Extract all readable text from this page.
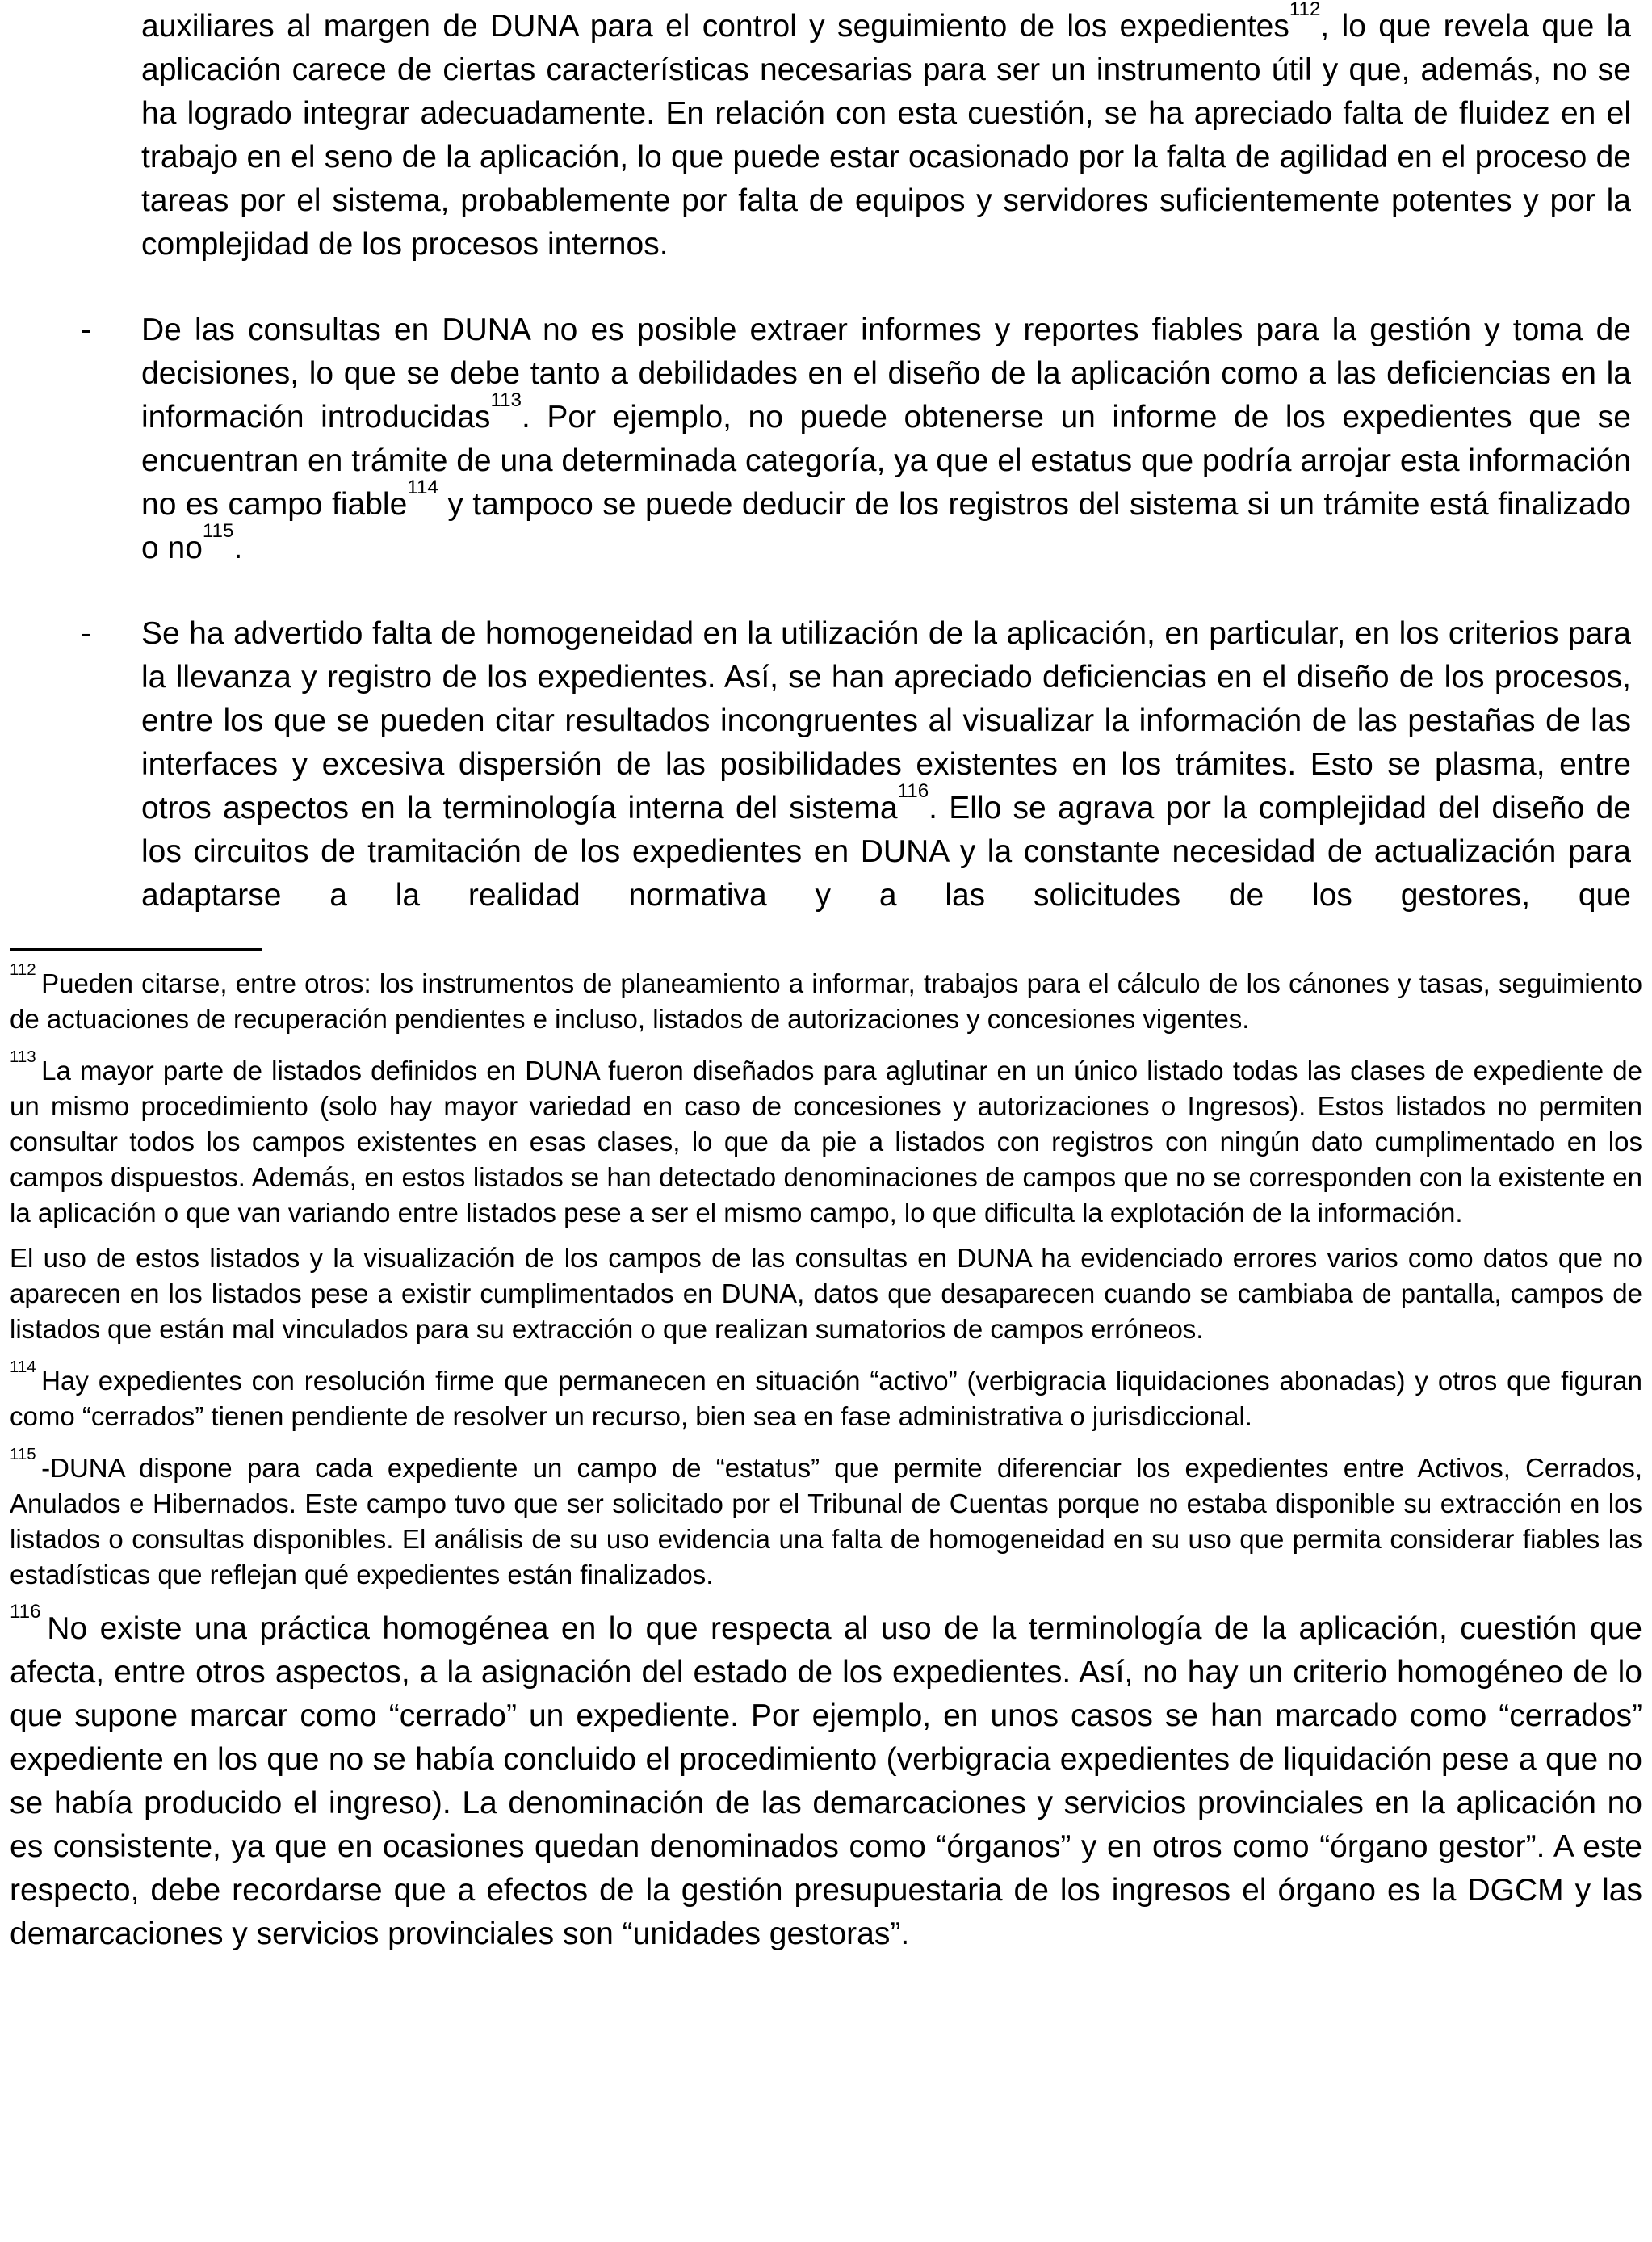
auxiliares al margen de DUNA para el control y seguimiento de los expedientes$^{112}$, lo que revela que la aplicación carece de ciertas características necesarias para ser un instrumento útil y que, además, no se ha logrado integrar adecuadamente. En relación con esta cuestión, se ha apreciado falta de fluidez en el trabajo en el seno de la aplicación, lo que puede estar ocasionado por la falta de agilidad en el proceso de tareas por el sistema, probablemente por falta de equipos y servidores suficientemente potentes y por la complejidad de los procesos internos.

-	De las consultas en DUNA no es posible extraer informes y reportes fiables para la gestión y toma de decisiones, lo que se debe tanto a debilidades en el diseño de la aplicación como a las deficiencias en la información introducidas$^{113}$. Por ejemplo, no puede obtenerse un informe de los expedientes que se encuentran en trámite de una determinada categoría, ya que el estatus que podría arrojar esta información no es campo fiable$^{114}$ y tampoco se puede deducir de los registros del sistema si un trámite está finalizado o no$^{115}$.

-	Se ha advertido falta de homogeneidad en la utilización de la aplicación, en particular, en los criterios para la llevanza y registro de los expedientes. Así, se han apreciado deficiencias en el diseño de los procesos, entre los que se pueden citar resultados incongruentes al visualizar la información de las pestañas de las interfaces y excesiva dispersión de las posibilidades existentes en los trámites. Esto se plasma, entre otros aspectos en la terminología interna del sistema$^{116}$. Ello se agrava por la complejidad del diseño de los circuitos de tramitación de los expedientes en DUNA y la constante necesidad de actualización para adaptarse a la realidad normativa y a las solicitudes de los gestores, que

$^{112}$ Pueden citarse, entre otros: los instrumentos de planeamiento a informar, trabajos para el cálculo de los cánones y tasas, seguimiento de actuaciones de recuperación pendientes e incluso, listados de autorizaciones y concesiones vigentes.

$^{113}$ La mayor parte de listados definidos en DUNA fueron diseñados para aglutinar en un único listado todas las clases de expediente de un mismo procedimiento (solo hay mayor variedad en caso de concesiones y autorizaciones o Ingresos). Estos listados no permiten consultar todos los campos existentes en esas clases, lo que da pie a listados con registros con ningún dato cumplimentado en los campos dispuestos. Además, en estos listados se han detectado denominaciones de campos que no se corresponden con la existente en la aplicación o que van variando entre listados pese a ser el mismo campo, lo que dificulta la explotación de la información.

El uso de estos listados y la visualización de los campos de las consultas en DUNA ha evidenciado errores varios como datos que no aparecen en los listados pese a existir cumplimentados en DUNA, datos que desaparecen cuando se cambiaba de pantalla, campos de listados que están mal vinculados para su extracción o que realizan sumatorios de campos erróneos.

$^{114}$ Hay expedientes con resolución firme que permanecen en situación “activo” (verbigracia liquidaciones abonadas) y otros que figuran como “cerrados” tienen pendiente de resolver un recurso, bien sea en fase administrativa o jurisdiccional.

$^{115}$ -DUNA dispone para cada expediente un campo de “estatus” que permite diferenciar los expedientes entre Activos, Cerrados, Anulados e Hibernados. Este campo tuvo que ser solicitado por el Tribunal de Cuentas porque no estaba disponible su extracción en los listados o consultas disponibles. El análisis de su uso evidencia una falta de homogeneidad en su uso que permita considerar fiables las estadísticas que reflejan qué expedientes están finalizados.

$^{116}$ No existe una práctica homogénea en lo que respecta al uso de la terminología de la aplicación, cuestión que afecta, entre otros aspectos, a la asignación del estado de los expedientes. Así, no hay un criterio homogéneo de lo que supone marcar como “cerrado” un expediente. Por ejemplo, en unos casos se han marcado como “cerrados” expediente en los que no se había concluido el procedimiento (verbigracia expedientes de liquidación pese a que no se había producido el ingreso). La denominación de las demarcaciones y servicios provinciales en la aplicación no es consistente, ya que en ocasiones quedan denominados como “órganos” y en otros como “órgano gestor”. A este respecto, debe recordarse que a efectos de la gestión presupuestaria de los ingresos el órgano es la DGCM y las demarcaciones y servicios provinciales son “unidades gestoras”.
